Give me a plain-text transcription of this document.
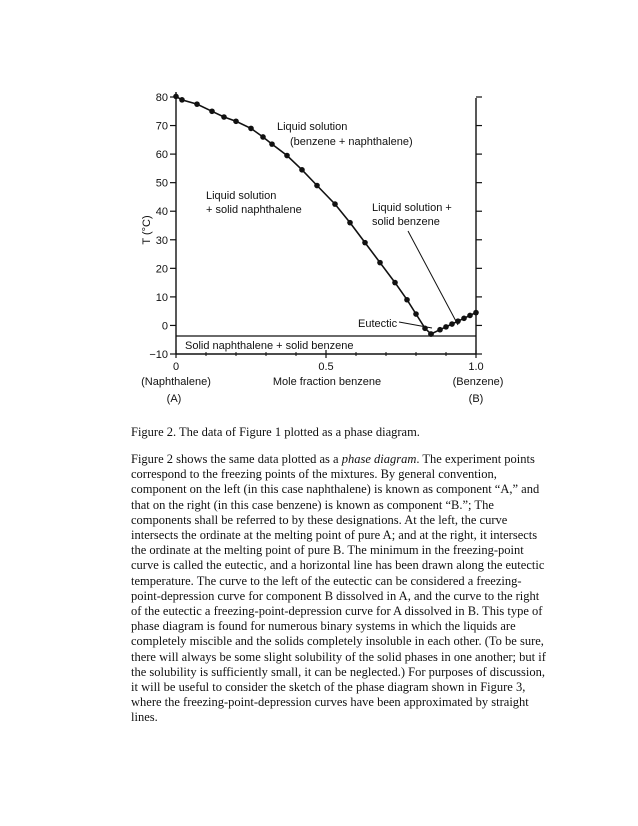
80
70
60
50
40
30
20
10
0
−10
0	0.5	1.0
T (°C)
Mole fraction benzene
(Naphthalene)
(A)
(Benzene)
(B)
Liquid solution
(benzene + naphthalene)
Liquid solution
+ solid naphthalene	Liquid solution +
solid benzene
Eutectic
Solid naphthalene + solid benzene

Figure 2. The data of Figure 1 plotted as a phase diagram.

Figure 2 shows the same data plotted as a phase diagram. The experiment points correspond to the freezing points of the mixtures. By general convention, component on the left (in this case naphthalene) is known as component “A,” and that on the right (in this case benzene) is known as component “B.”; The components shall be referred to by these designations. At the left, the curve intersects the ordinate at the melting point of pure A; and at the right, it intersects the ordinate at the melting point of pure B. The minimum in the freezing-point curve is called the eutectic, and a horizontal line has been drawn along the eutectic temperature. The curve to the left of the eutectic can be considered a freezing-point-depression curve for component B dissolved in A, and the curve to the right of the eutectic a freezing-point-depression curve for A dissolved in B. This type of phase diagram is found for numerous binary systems in which the liquids are completely miscible and the solids completely insoluble in each other. (To be sure, there will always be some slight solubility of the solid phases in one another; but if the solubility is sufficiently small, it can be neglected.) For purposes of discussion, it will be useful to consider the sketch of the phase diagram shown in Figure 3, where the freezing-point-depression curves have been approximated by straight lines.
